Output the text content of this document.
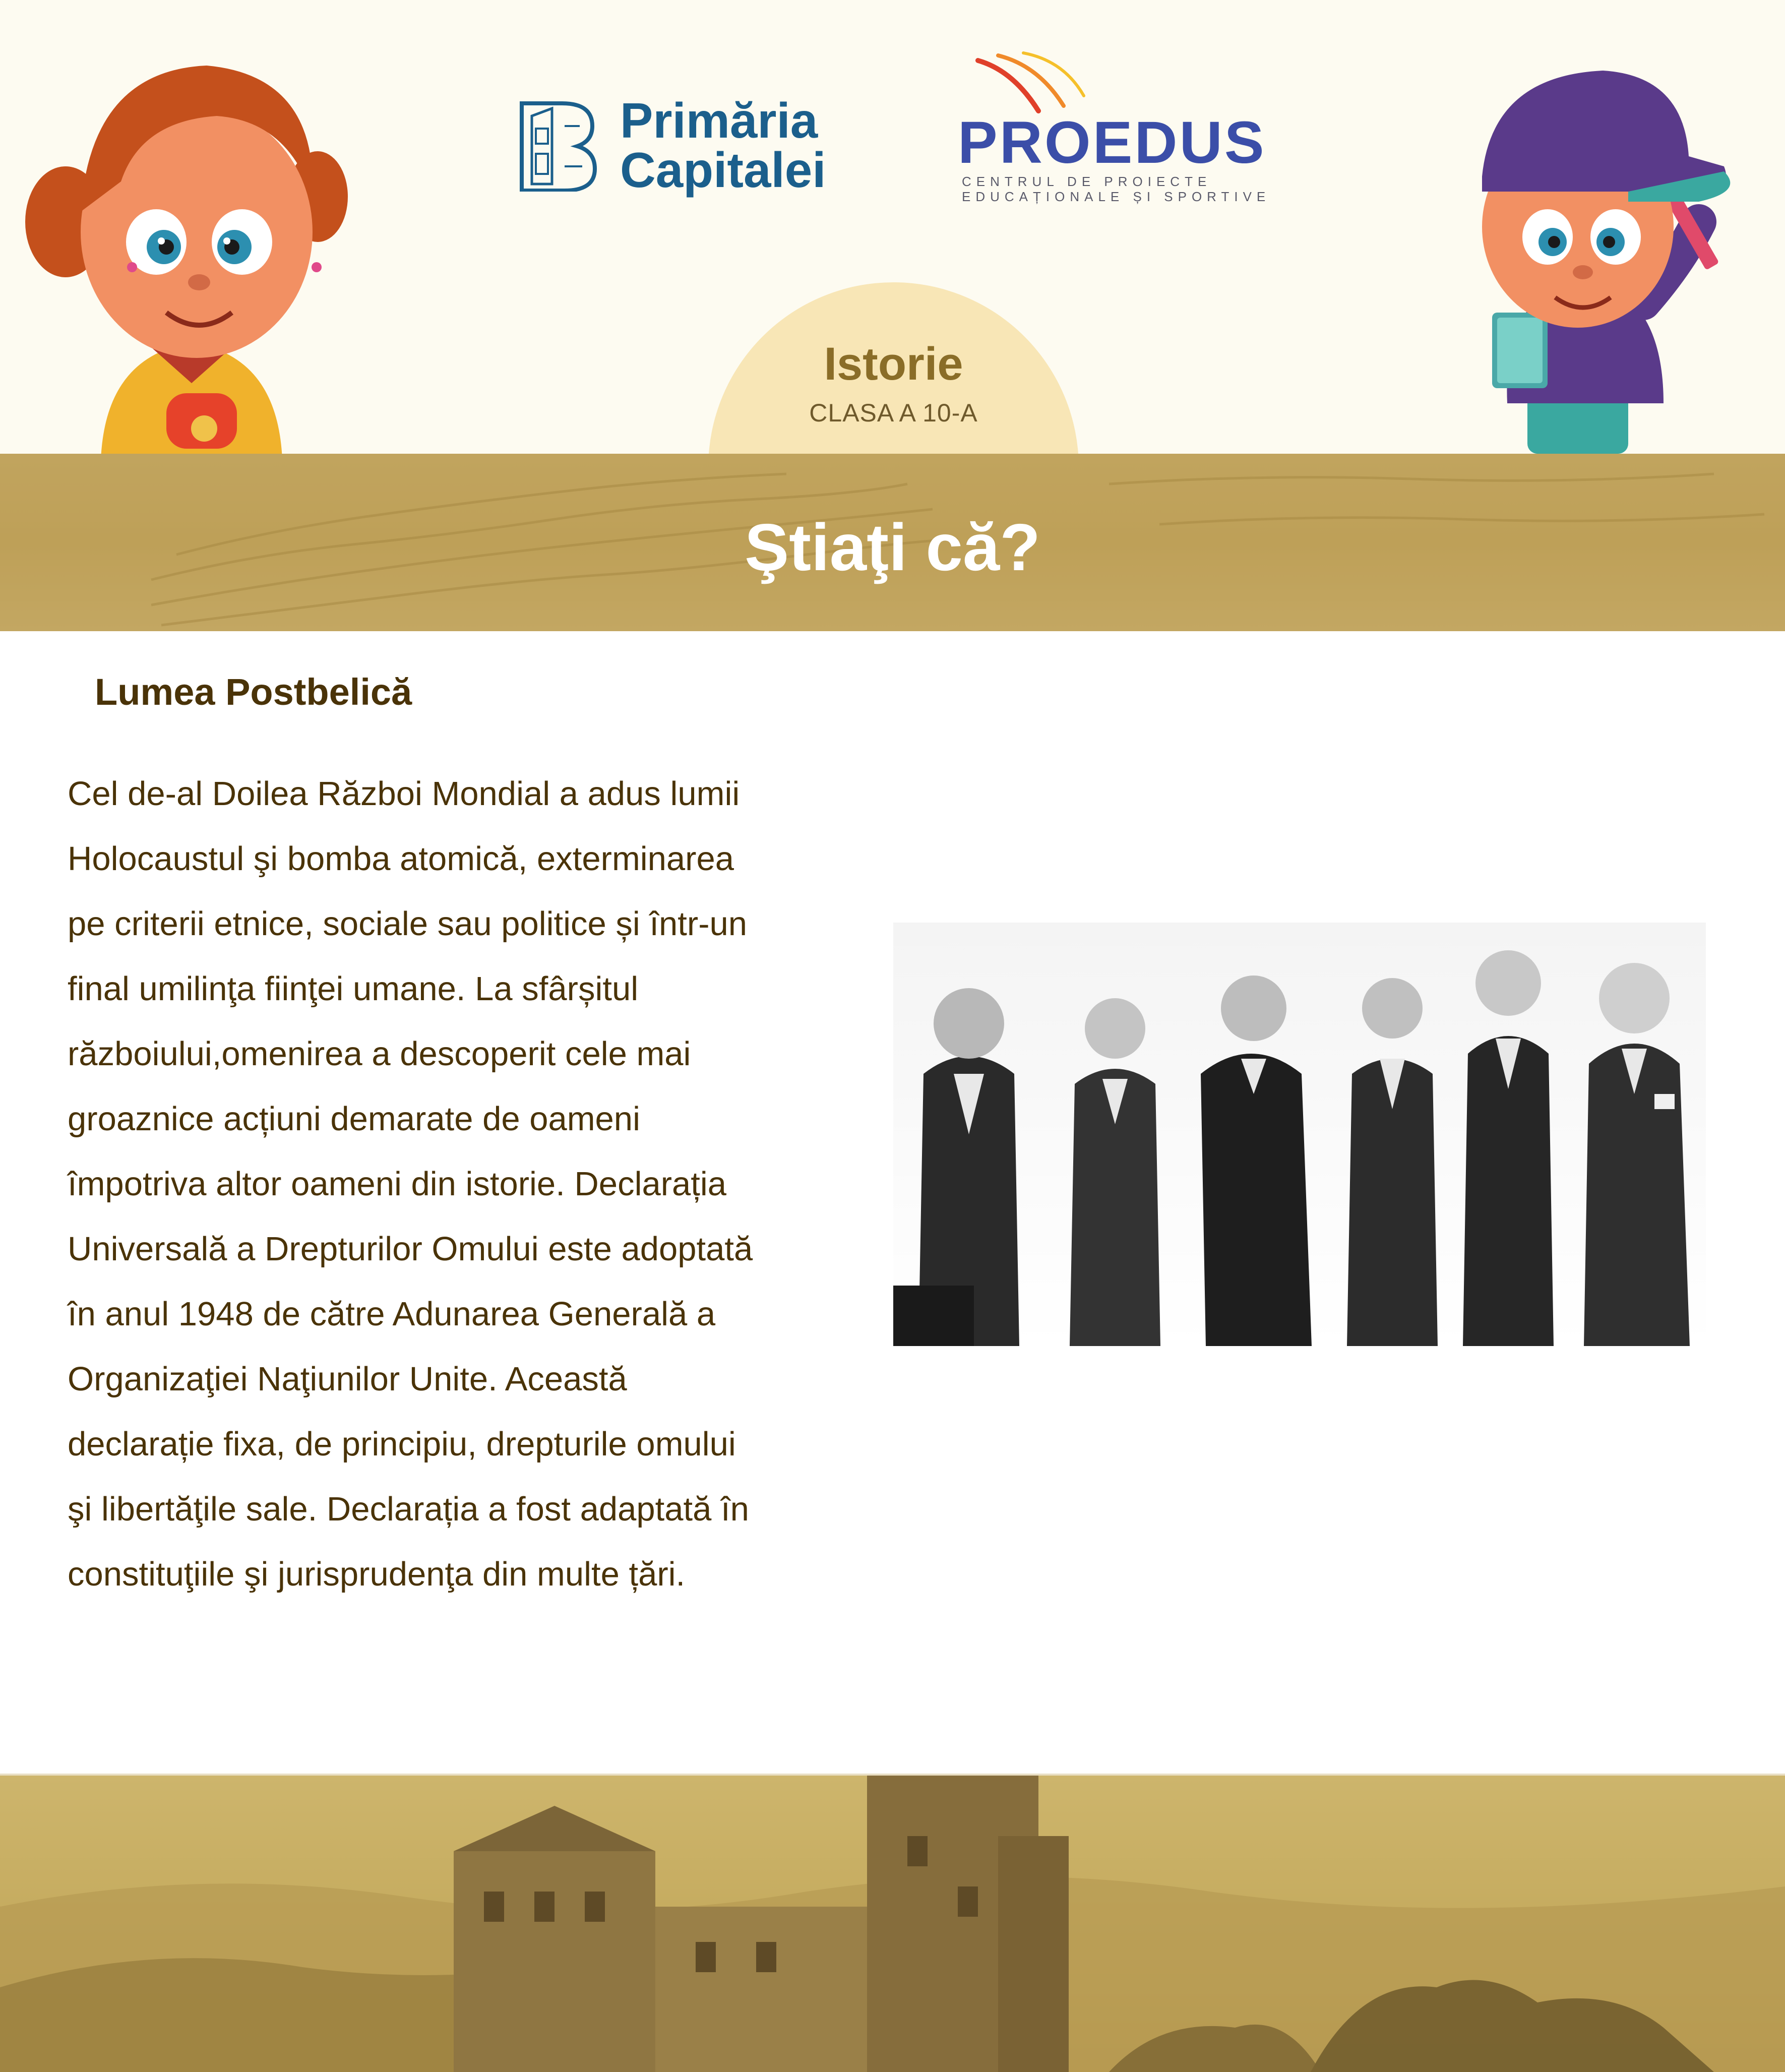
Primăria
Capitalei PROEDUS
CENTRUL DE PROIECTE
EDUCAȚIONALE ȘI SPORTIVE
Istorie
CLASA A 10-A
Ştiaţi că?
Lumea Postbelică
Cel de-al Doilea Război Mondial a adus lumii
Holocaustul şi bomba atomică, exterminarea
pe criterii etnice, sociale sau politice și într-un
final umilinţa fiinţei umane. La sfârșitul
războiului,omenirea a descoperit cele mai
groaznice acțiuni demarate de oameni
împotriva altor oameni din istorie. Declarația
Universală a Drepturilor Omului este adoptată
în anul 1948 de către Adunarea Generală a
Organizaţiei Naţiunilor Unite. Această
declarație fixa, de principiu, drepturile omului
şi libertăţile sale. Declarația a fost adaptată în
constituţiile şi jurisprudenţa din multe țări.
